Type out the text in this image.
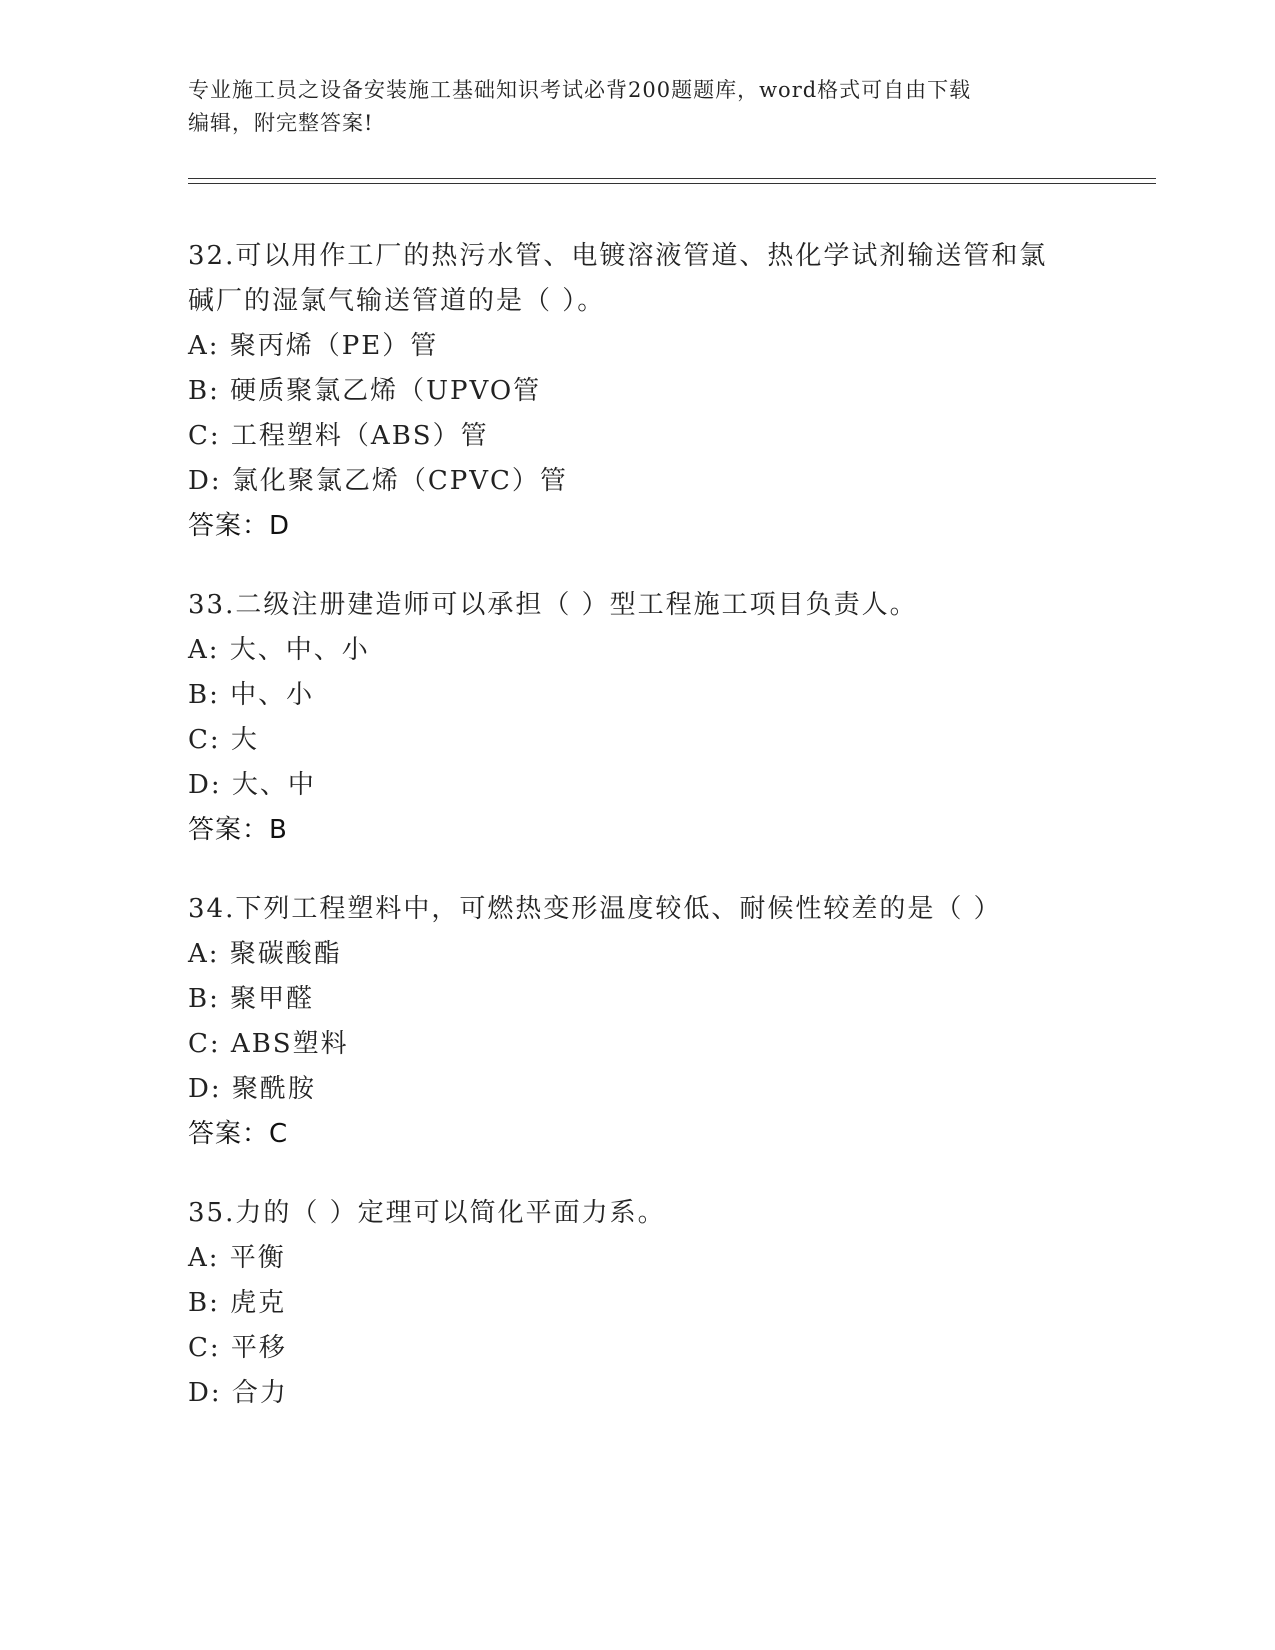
专业施工员之设备安装施工基础知识考试必背200题题库，word格式可自由下载
编辑，附完整答案!
32.可以用作工厂的热污水管、电镀溶液管道、热化学试剂输送管和氯
碱厂的湿氯气输送管道的是（ ）。
A: 聚丙烯（PE）管
B: 硬质聚氯乙烯（UPVO管
C: 工程塑料（ABS）管
D: 氯化聚氯乙烯（CPVC）管
答案：D
33.二级注册建造师可以承担（ ）型工程施工项目负责人。
A: 大、中、小
B: 中、小
C: 大
D: 大、中
答案：B
34.下列工程塑料中，可燃热变形温度较低、耐候性较差的是（ ）
A: 聚碳酸酯
B: 聚甲醛
C: ABS塑料
D: 聚酰胺
答案：C
35.力的（ ）定理可以简化平面力系。
A: 平衡
B: 虎克
C: 平移
D: 合力
